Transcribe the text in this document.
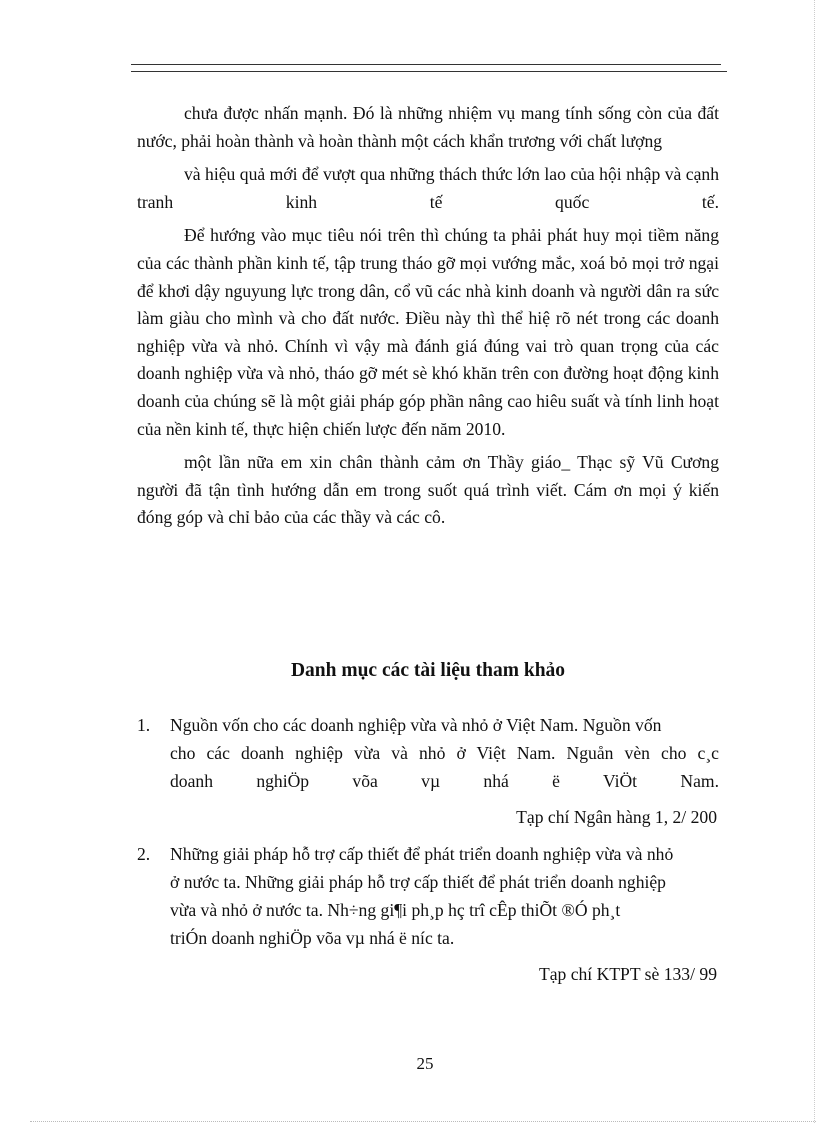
chưa được nhấn mạnh. Đó là những nhiệm vụ mang tính sống còn của đất nước, phải hoàn thành và hoàn thành một cách khẩn trương với chất lượng

và hiệu quả mới để vượt qua những thách thức lớn lao của hội nhập và cạnh tranh kinh tế quốc tế.

Để hướng vào mục tiêu nói trên thì chúng ta phải phát huy mọi tiềm năng của các thành phần kinh tế, tập trung tháo gỡ mọi vướng mắc, xoá bỏ mọi trở ngại để khơi dậy nguyung lực trong dân, cổ vũ các nhà kinh doanh và người dân ra sức làm giàu cho mình và cho đất nước. Điều này thì thể hiệ rõ nét trong các doanh nghiệp vừa và nhỏ. Chính vì vậy mà đánh giá đúng vai trò quan trọng của các doanh nghiệp vừa và nhỏ, tháo gỡ mét sè khó khăn trên con đường hoạt động kinh doanh của chúng sẽ là một giải pháp góp phần nâng cao hiêu suất và tính linh hoạt của nền kinh tế, thực hiện chiến lược đến năm 2010.

một lần nữa em xin chân thành cảm ơn Thầy giáo_ Thạc sỹ Vũ Cương người đã tận tình hướng dẫn em trong suốt quá trình viết. Cám ơn mọi ý kiến đóng góp và chỉ bảo của các thầy và các cô.

Danh mục các tài liệu tham khảo
1. Nguồn vốn cho các doanh nghiệp vừa và nhỏ ở Việt Nam. Nguồn vốn
cho các doanh nghiệp vừa và nhỏ ở Việt Nam. Nguån vèn cho c¸c
doanh nghiÖp võa vµ nhá ë ViÖt Nam.
Tạp chí Ngân hàng 1, 2/ 200
2. Những giải pháp hỗ trợ cấp thiết để phát triển doanh nghiệp vừa và nhỏ
ở nước ta. Những giải pháp hỗ trợ cấp thiết để phát triển doanh nghiệp
vừa và nhỏ ở nước ta. Nh÷ng gi¶i ph¸p hç trî cÊp thiÕt ®Ó ph¸t
triÓn doanh nghiÖp võa vµ nhá ë níc ta.
Tạp chí KTPT sè 133/ 99
25
